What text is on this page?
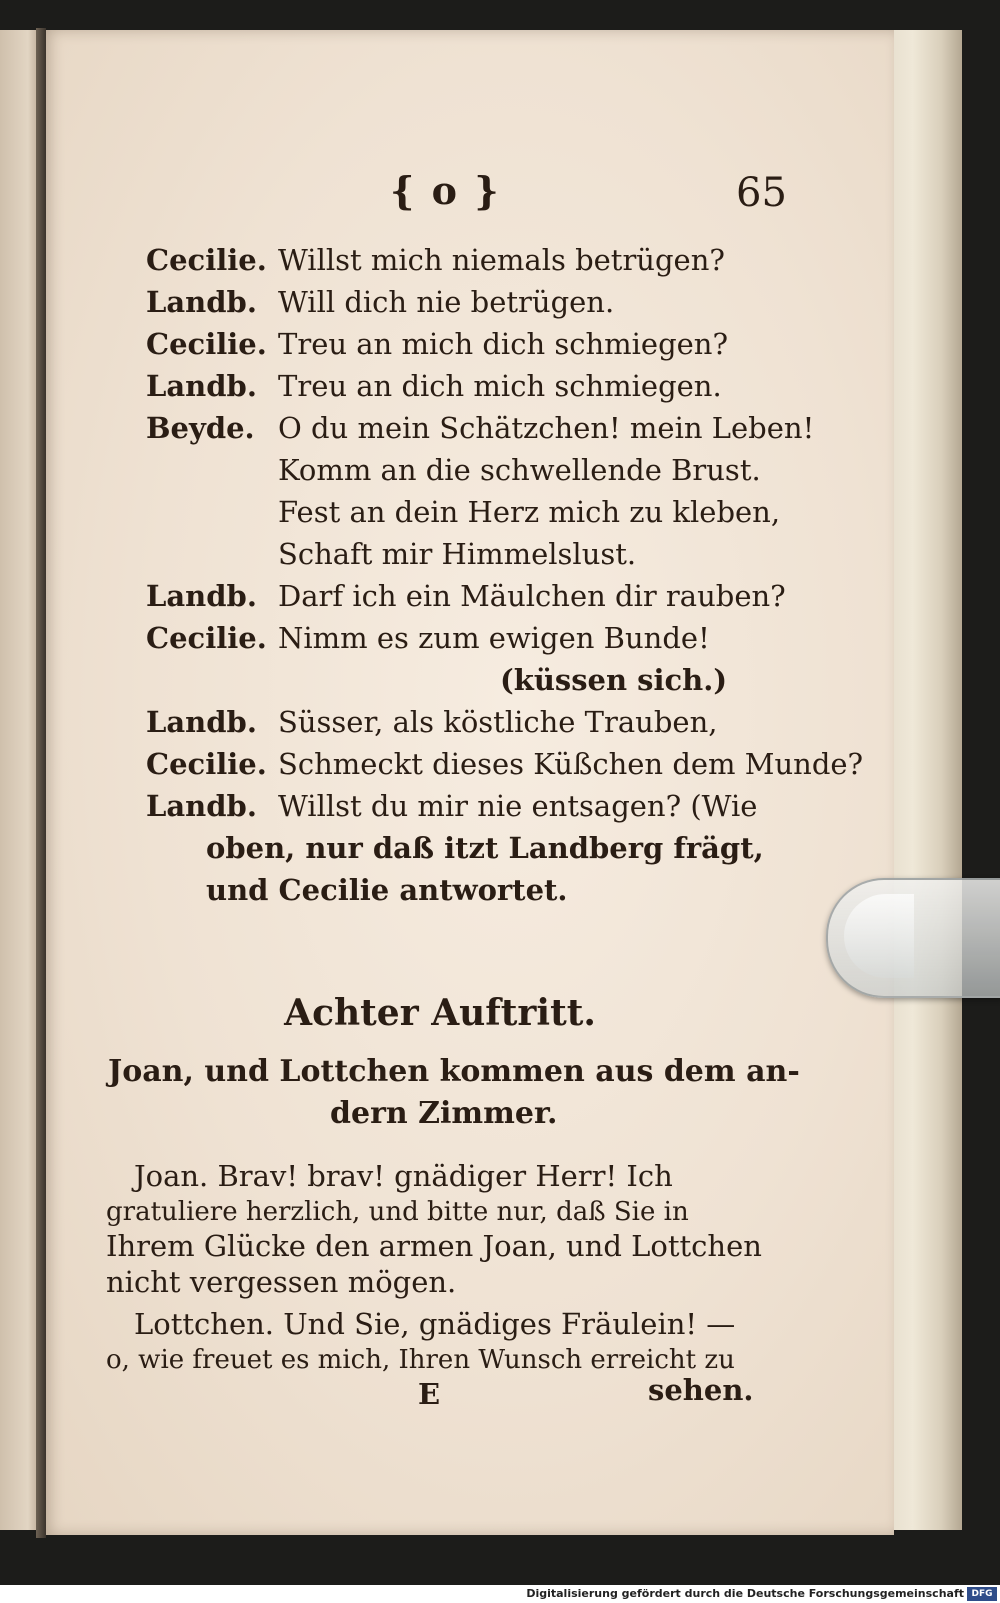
{ o }	65
Cecilie. Willst mich niemals betrügen?
Landb. Will dich nie betrügen.
Cecilie. Treu an mich dich schmiegen?
Landb. Treu an dich mich schmiegen.
Beyde. O du mein Schätzchen! mein Leben!
Komm an die schwellende Brust.
Fest an dein Herz mich zu kleben,
Schaft mir Himmelslust.
Landb. Darf ich ein Mäulchen dir rauben?
Cecilie. Nimm es zum ewigen Bunde!
(küssen sich.)
Landb. Süsser, als köstliche Trauben,
Cecilie. Schmeckt dieses Küßchen dem Munde?
Landb. Willst du mir nie entsagen? (Wie
oben, nur daß itzt Landberg frägt,
und Cecilie antwortet.
Achter Auftritt.
Joan, und Lottchen kommen aus dem an-
dern Zimmer.
Joan. Brav! brav! gnädiger Herr! Ich
gratuliere herzlich, und bitte nur, daß Sie in
Ihrem Glücke den armen Joan, und Lottchen
nicht vergessen mögen.
Lottchen. Und Sie, gnädiges Fräulein! —
o, wie freuet es mich, Ihren Wunsch erreicht zu
E	sehen.
Digitalisierung gefördert durch die Deutsche Forschungsgemeinschaft DFG
